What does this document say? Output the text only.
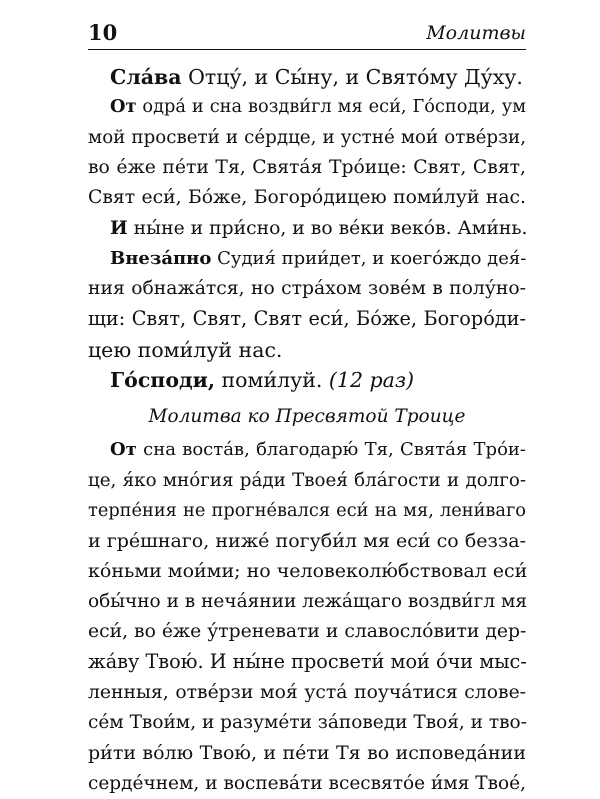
10	Молитвы
Сла́ва Отцу́, и Сы́ну, и Свято́му Ду́ху.
От одра́ и сна воздви́гл мя еси́, Го́споди, ум
мой просвети́ и се́рдце, и устне́ мои́ отве́рзи,
во е́же пе́ти Тя, Свята́я Тро́ице: Свят, Свят,
Свят еси́, Бо́же, Богоро́дицею поми́луй нас.
И ны́не и при́сно, и во ве́ки веко́в. Ами́нь.
Внеза́пно Судия́ прии́дет, и коего́ждо дея́-
ния обнажа́тся, но стра́хом зове́м в полу́но-
щи: Свят, Свят, Свят еси́, Бо́же, Богоро́ди-
цею поми́луй нас.
Го́споди, поми́луй. (12 раз)
Молитва ко Пресвятой Троице
От сна воста́в, благодарю́ Тя, Свята́я Тро́и-
це, я́ко мно́гия ра́ди Твоея́ бла́гости и долго-
терпе́ния не прогне́вался еси́ на мя, лени́ваго
и гре́шнаго, ниже́ погуби́л мя еси́ со безза-
ко́ньми мои́ми; но человеколю́бствовал еси́
обы́чно и в неча́янии лежа́щаго воздви́гл мя
еси́, во е́же у́треневати и славосло́вити дер-
жа́ву Твою́. И ны́не просвети́ мои́ о́чи мыс-
ленныя, отве́рзи моя́ уста́ поуча́тися слове-
се́м Твои́м, и разуме́ти за́поведи Твоя́, и тво-
ри́ти во́лю Твою́, и пе́ти Тя во исповеда́нии
серде́чнем, и воспева́ти всесвято́е и́мя Твое́,
